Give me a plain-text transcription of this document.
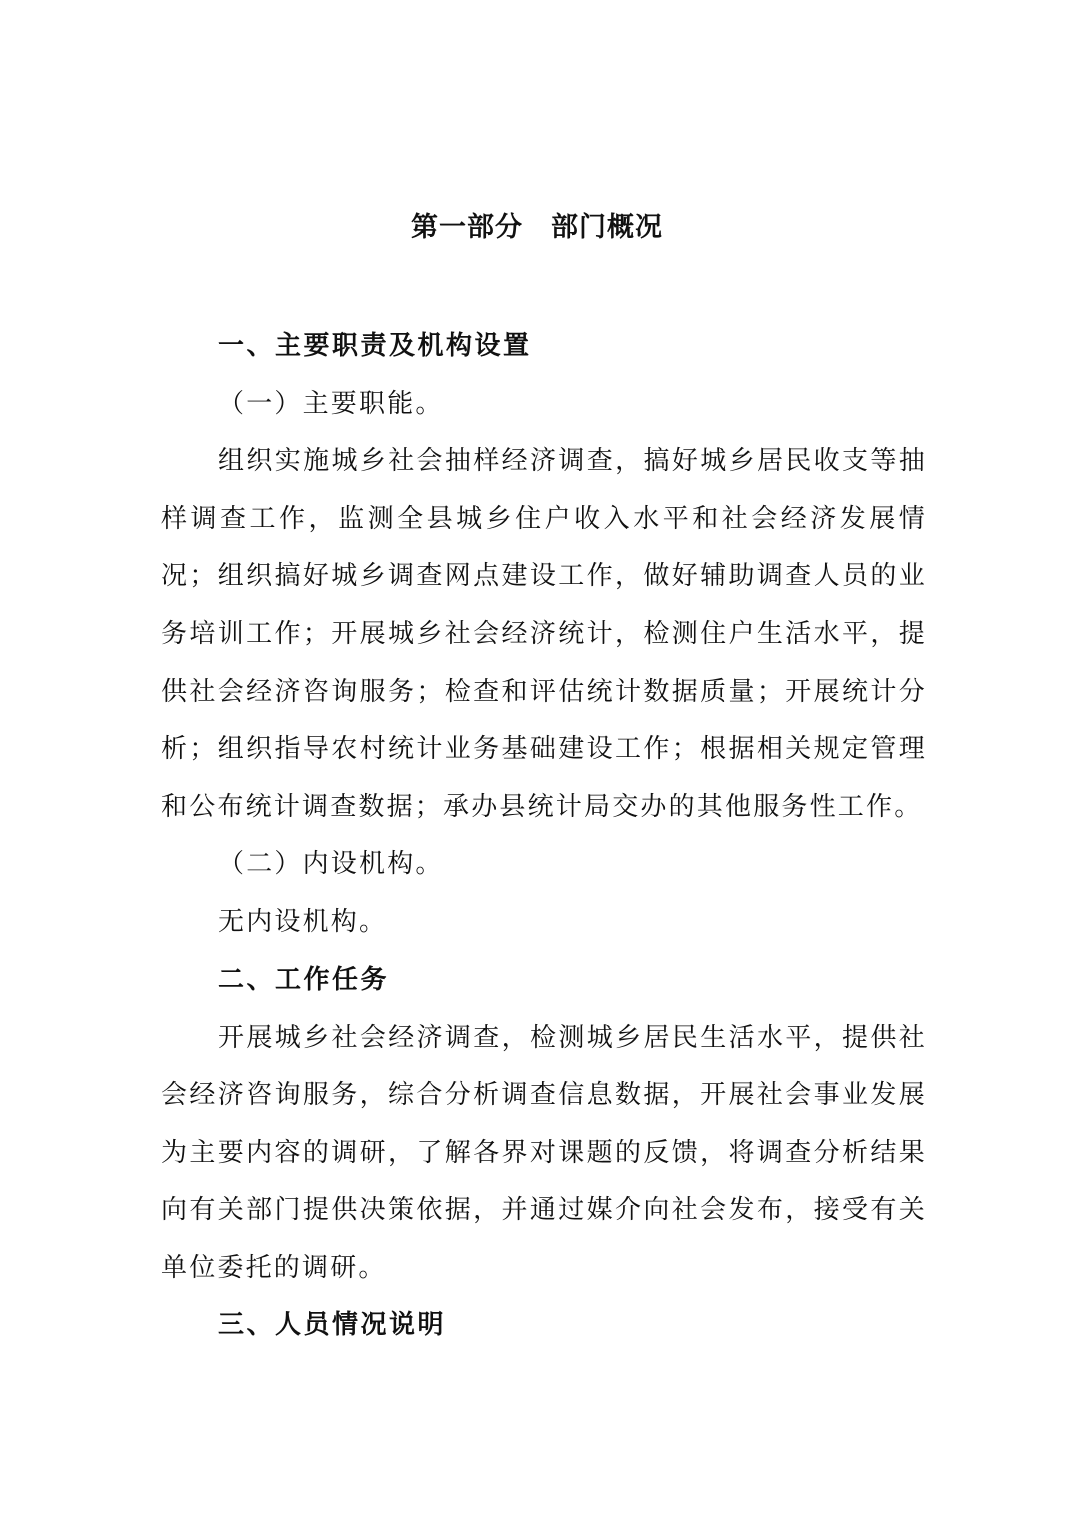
第一部分　部门概况

一、主要职责及机构设置

（一）主要职能。

组织实施城乡社会抽样经济调查，搞好城乡居民收支等抽样调查工作，监测全县城乡住户收入水平和社会经济发展情况；组织搞好城乡调查网点建设工作，做好辅助调查人员的业务培训工作；开展城乡社会经济统计，检测住户生活水平，提供社会经济咨询服务；检查和评估统计数据质量；开展统计分析；组织指导农村统计业务基础建设工作；根据相关规定管理和公布统计调查数据；承办县统计局交办的其他服务性工作。

（二）内设机构。

无内设机构。

二、工作任务

开展城乡社会经济调查，检测城乡居民生活水平，提供社会经济咨询服务，综合分析调查信息数据，开展社会事业发展为主要内容的调研，了解各界对课题的反馈，将调查分析结果向有关部门提供决策依据，并通过媒介向社会发布，接受有关单位委托的调研。

三、人员情况说明
